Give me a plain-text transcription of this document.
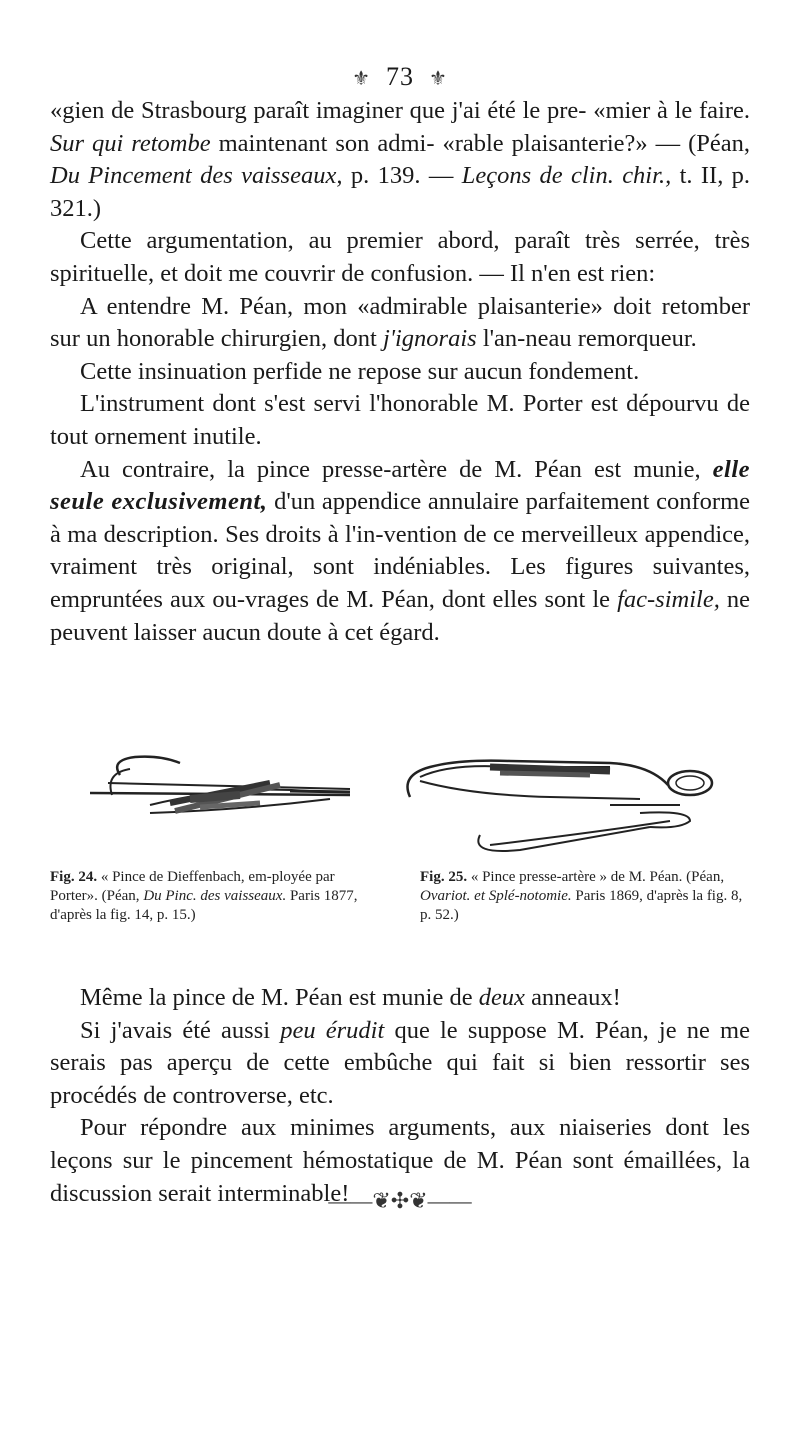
⚜ 73 ⚜

«gien de Strasbourg paraît imaginer que j'ai été le pre- «mier à le faire. Sur qui retombe maintenant son admi- «rable plaisanterie?» — (Péan, Du Pincement des vaisseaux, p. 139. — Leçons de clin. chir., t. II, p. 321.)

Cette argumentation, au premier abord, paraît très serrée, très spirituelle, et doit me couvrir de confusion. — Il n'en est rien:

A entendre M. Péan, mon «admirable plaisanterie» doit retomber sur un honorable chirurgien, dont j'ignorais l'an-neau remorqueur.

Cette insinuation perfide ne repose sur aucun fondement.

L'instrument dont s'est servi l'honorable M. Porter est dépourvu de tout ornement inutile.

Au contraire, la pince presse-artère de M. Péan est munie, elle seule exclusivement, d'un appendice annulaire parfaitement conforme à ma description. Ses droits à l'in-vention de ce merveilleux appendice, vraiment très original, sont indéniables. Les figures suivantes, empruntées aux ou-vrages de M. Péan, dont elles sont le fac-simile, ne peuvent laisser aucun doute à cet égard.

Fig. 24. « Pince de Dieffenbach, em-ployée par Porter». (Péan, Du Pinc. des vaisseaux. Paris 1877, d'après la fig. 14, p. 15.)
Fig. 25. « Pince presse-artère » de M. Péan. (Péan, Ovariot. et Splé-notomie. Paris 1869, d'après la fig. 8, p. 52.)

Même la pince de M. Péan est munie de deux anneaux!

Si j'avais été aussi peu érudit que le suppose M. Péan, je ne me serais pas aperçu de cette embûche qui fait si bien ressortir ses procédés de controverse, etc.

Pour répondre aux minimes arguments, aux niaiseries dont les leçons sur le pincement hémostatique de M. Péan sont émaillées, la discussion serait interminable!

——❦✣❦——
